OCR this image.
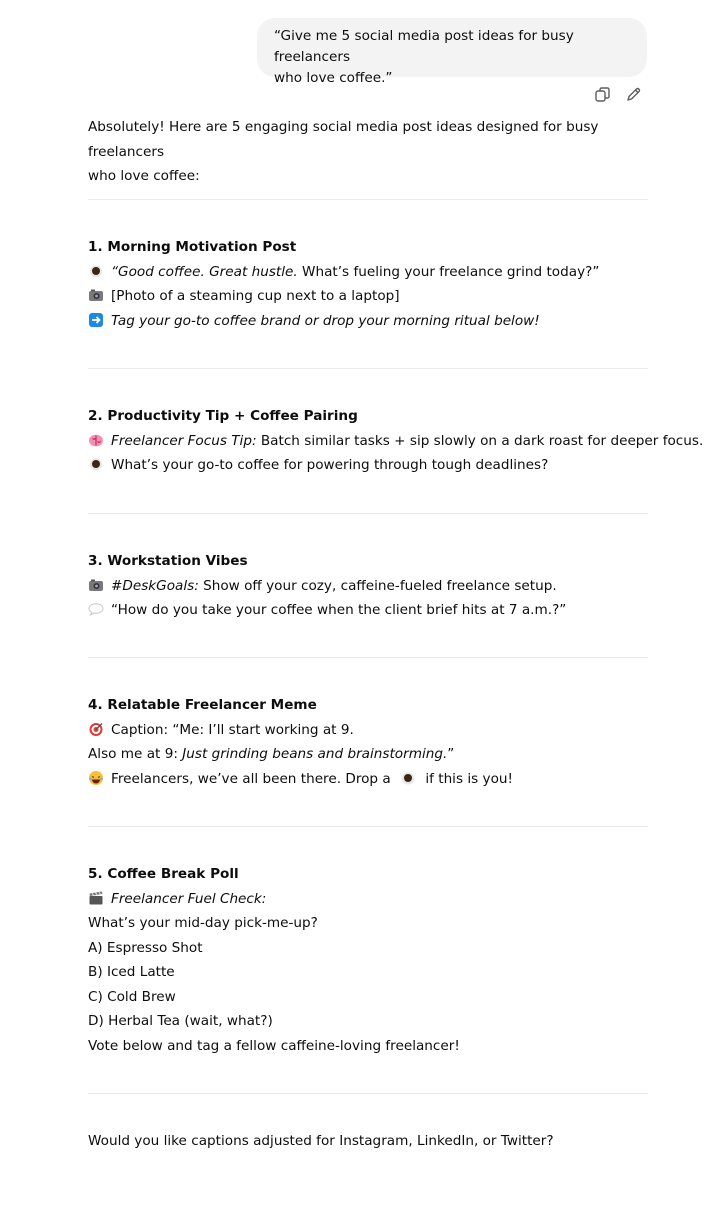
“Give me 5 social media post ideas for busy freelancers
who love coffee.”

Absolutely! Here are 5 engaging social media post ideas designed for busy freelancers

who love coffee:

1. Morning Motivation Post
“Good coffee. Great hustle. What’s fueling your freelance grind today?”
[Photo of a steaming cup next to a laptop]
Tag your go-to coffee brand or drop your morning ritual below!
2. Productivity Tip + Coffee Pairing
Freelancer Focus Tip: Batch similar tasks + sip slowly on a dark roast for deeper focus.
What’s your go-to coffee for powering through tough deadlines?
3. Workstation Vibes
#DeskGoals: Show off your cozy, caffeine-fueled freelance setup.
“How do you take your coffee when the client brief hits at 7 a.m.?”
4. Relatable Freelancer Meme
Caption: “Me: I’ll start working at 9.
Also me at 9: Just grinding beans and brainstorming.”
Freelancers, we’ve all been there. Drop a  if this is you!
5. Coffee Break Poll
Freelancer Fuel Check:
What’s your mid-day pick-me-up?
A) Espresso Shot
B) Iced Latte
C) Cold Brew
D) Herbal Tea (wait, what?)
Vote below and tag a fellow caffeine-loving freelancer!
Would you like captions adjusted for Instagram, LinkedIn, or Twitter?
